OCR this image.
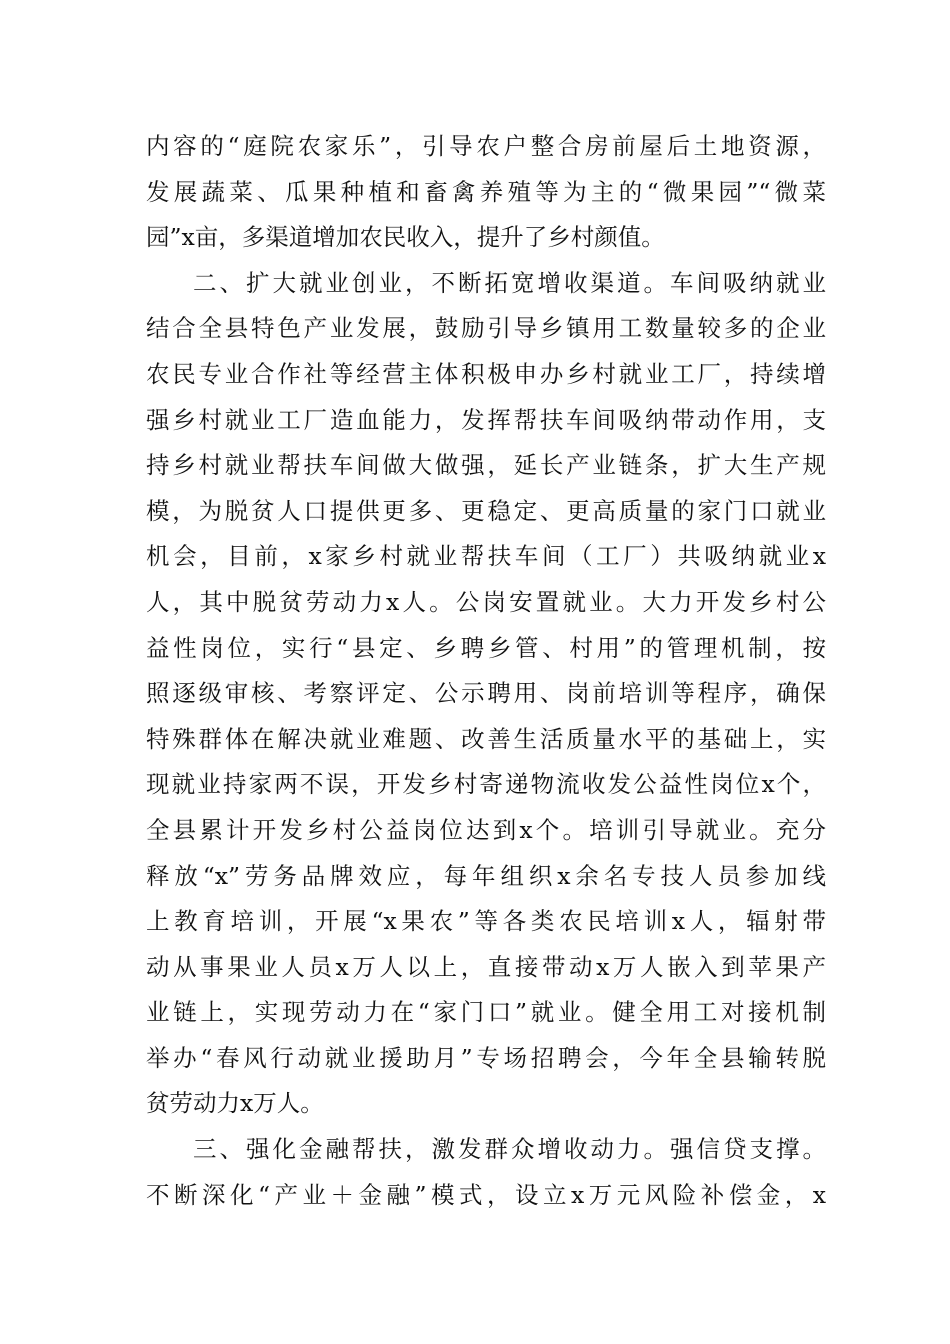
内容的“庭院农家乐”，引导农户整合房前屋后土地资源，
发展蔬菜、瓜果种植和畜禽养殖等为主的“微果园”“微菜
园”x亩，多渠道增加农民收入，提升了乡村颜值。
二、扩大就业创业，不断拓宽增收渠道。车间吸纳就业
结合全县特色产业发展，鼓励引导乡镇用工数量较多的企业
农民专业合作社等经营主体积极申办乡村就业工厂，持续增
强乡村就业工厂造血能力，发挥帮扶车间吸纳带动作用，支
持乡村就业帮扶车间做大做强，延长产业链条，扩大生产规
模，为脱贫人口提供更多、更稳定、更高质量的家门口就业
机会，目前，x家乡村就业帮扶车间（工厂）共吸纳就业x
人，其中脱贫劳动力x人。公岗安置就业。大力开发乡村公
益性岗位，实行“县定、乡聘乡管、村用”的管理机制，按
照逐级审核、考察评定、公示聘用、岗前培训等程序，确保
特殊群体在解决就业难题、改善生活质量水平的基础上，实
现就业持家两不误，开发乡村寄递物流收发公益性岗位x个，
全县累计开发乡村公益岗位达到x个。培训引导就业。充分
释放“x”劳务品牌效应，每年组织x余名专技人员参加线
上教育培训，开展“x果农”等各类农民培训x人，辐射带
动从事果业人员x万人以上，直接带动x万人嵌入到苹果产
业链上，实现劳动力在“家门口”就业。健全用工对接机制
举办“春风行动就业援助月”专场招聘会，今年全县输转脱
贫劳动力x万人。
三、强化金融帮扶，激发群众增收动力。强信贷支撑。
不断深化“产业＋金融”模式，设立x万元风险补偿金，x
